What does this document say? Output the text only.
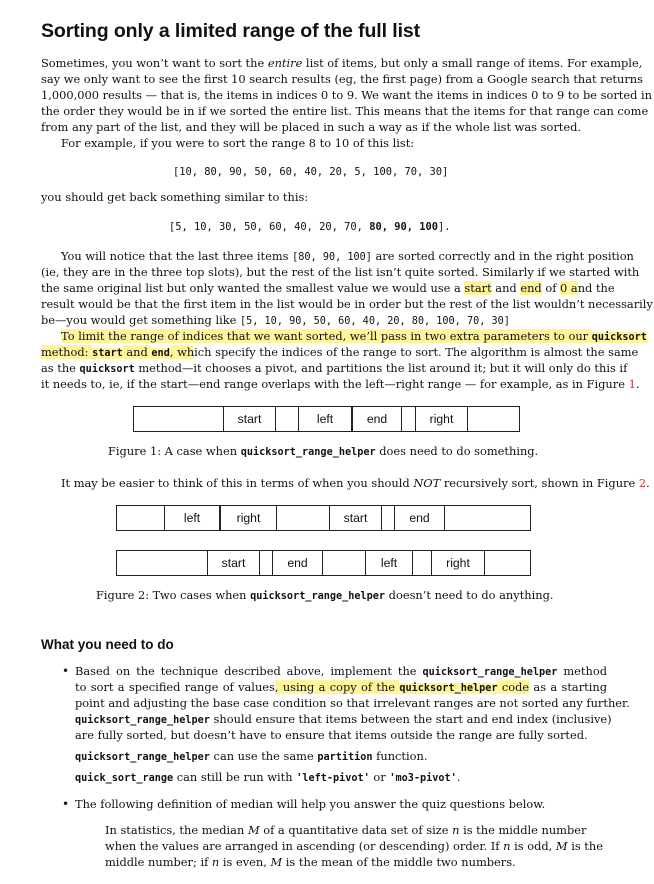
Sorting only a limited range of the full list
Sometimes, you won’t want to sort the entire list of items, but only a small range of items. For example,
say we only want to see the first 10 search results (eg, the first page) from a Google search that returns
1,000,000 results — that is, the items in indices 0 to 9. We want the items in indices 0 to 9 to be sorted in
the order they would be in if we sorted the entire list. This means that the items for that range can come
from any part of the list, and they will be placed in such a way as if the whole list was sorted.
For example, if you were to sort the range 8 to 10 of this list:
[10, 80, 90, 50, 60, 40, 20, 5, 100, 70, 30]
you should get back something similar to this:
[5, 10, 30, 50, 60, 40, 20, 70, 80, 90, 100].
You will notice that the last three items [80, 90, 100] are sorted correctly and in the right position
(ie, they are in the three top slots), but the rest of the list isn’t quite sorted. Similarly if we started with
the same original list but only wanted the smallest value we would use a start and end of 0 and the
result would be that the first item in the list would be in order but the rest of the list wouldn’t necessarily
be—you would get something like [5, 10, 90, 50, 60, 40, 20, 80, 100, 70, 30]
To limit the range of indices that we want sorted, we’ll pass in two extra parameters to our quicksort
method: start and end, which specify the indices of the range to sort. The algorithm is almost the same
as the quicksort method—it chooses a pivot, and partitions the list around it; but it will only do this if
it needs to, ie, if the start—end range overlaps with the left—right range — for example, as in Figure 1.
start	left	end	right
Figure 1: A case when quicksort_range_helper does need to do something.
It may be easier to think of this in terms of when you should NOT recursively sort, shown in Figure 2.
left	right	start	end
start	end	left	right
Figure 2: Two cases when quicksort_range_helper doesn’t need to do anything.
What you need to do
• Based on the technique described above, implement the quicksort_range_helper method
to sort a specified range of values, using a copy of the quicksort_helper code as a starting
point and adjusting the base case condition so that irrelevant ranges are not sorted any further.
quicksort_range_helper should ensure that items between the start and end index (inclusive)
are fully sorted, but doesn’t have to ensure that items outside the range are fully sorted.
quicksort_range_helper can use the same partition function.
quick_sort_range can still be run with 'left-pivot' or 'mo3-pivot'.
• The following definition of median will help you answer the quiz questions below.
In statistics, the median M of a quantitative data set of size n is the middle number
when the values are arranged in ascending (or descending) order. If n is odd, M is the
middle number; if n is even, M is the mean of the middle two numbers.
